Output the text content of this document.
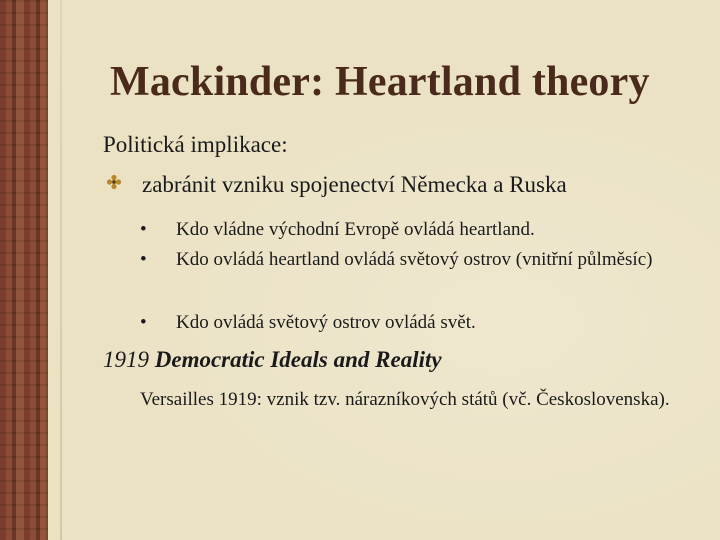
Mackinder: Heartland theory
Politická implikace:
zabránit vzniku spojenectví Německa a Ruska
•	Kdo vládne východní Evropě ovládá heartland.
•	Kdo ovládá heartland ovládá světový ostrov (vnitřní půlměsíc)
•	Kdo ovládá světový ostrov ovládá svět.
1919 Democratic Ideals and Reality
Versailles 1919: vznik tzv. nárazníkových států (vč. Československa).
